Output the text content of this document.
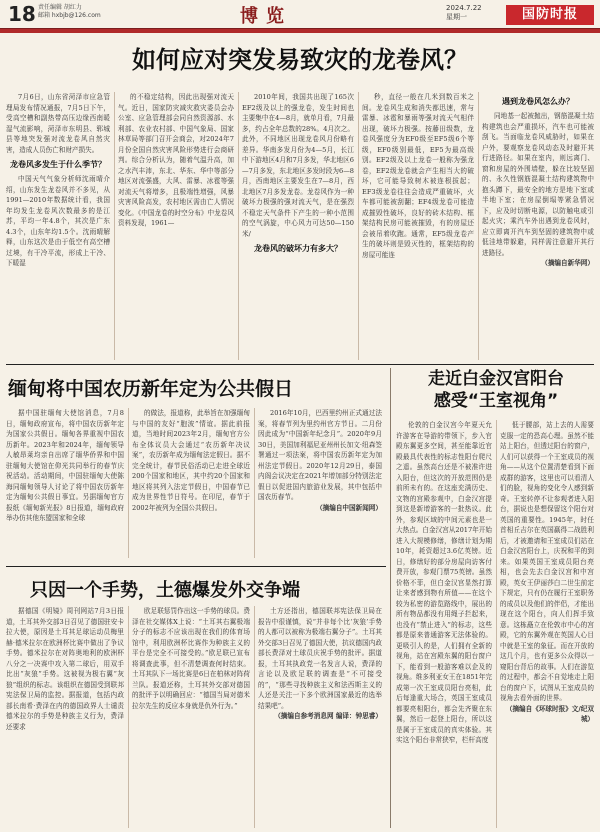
18 责任编辑 胡红力
邮箱 hxbjb@126.com	博览	2024.7.22
星期一	国防时报
如何应对突发易致灾的龙卷风？

7月6日，山东省菏泽市应急管理局发布情况通报，7月5日下午，受高空槽和副热带高压边缘西南暖湿气流影响，菏泽市东明县、郓城县等地突发强对流龙卷风自然灾害，造成人员伤亡和财产损失。

龙卷风多发生于什么季节？

中国天气气象分析师沈雨晴介绍，山东发生龙卷风并不多见，从1991—2010年数据统计看，我国年均发生龙卷风次数最多的是江苏，平均一年4.8个，其次是广东4.3个，山东年均1.5个。沈雨晴解释，山东这次是由于低空有高空槽过境，有干冷平流，形成上干冷、下暖湿

的不稳定结构，因此出现强对流天气。近日，国家防灾减灾救灾委员会办公室、应急管理部会同自然资源部、水利部、农业农村部、中国气象局、国家林草局等部门召开会商会，对2024年7月份全国自然灾害风险形势进行会商研判。综合分析认为，随着气温升高，加之水汽丰沛，东北、华东、华中等部分地区对流强盛，大风、雷暴、冰雹等强对流天气将增多，且极端性增强，风暴灾害风险高发，农村地区需由亡人情况变化。《中国龙卷的时空分布》中龙卷风资料发现，1961—

2010年间，我国共出现了165次EF2级及以上的强龙卷，发生时间也主要集中在4—8月，就单月看，7月最多，约占全年总数的28%。4月次之。此外，不同地区出现龙卷风月份略有差异。华南多发月份为4—5月，长江中下游地区4月和7月多发，华北地区6—7月多发，东北地区多发时段为6—8月，西南地区主要发生在7—8月，西北地区7月多发龙卷。龙卷风作为一种破坏力极强的强对流天气，是在强烈不稳定天气条件下产生的一种小范围的空气涡旋，中心风力可达50—150米/

龙卷风的破坏力有多大？

秒，直径一般在几米到数百米之间。龙卷风生成和消失都迅速，常与雷暴、冰雹和暴雨等强对流天气相伴出现，破坏力极强。按藤田级数，龙卷风强度分为EF0级至EF5级6个等级，EF0级别最低，EF5为最高级别。EF2级及以上龙卷一般称为强龙卷，EF2级龙卷就会产生相当大的破坏，它可能导致树木被连根拔起；EF3级龙卷往往会造成严重破坏，火车都可能被刮翻；EF4级龙卷可能造成摧毁性破坏，良好的砖木结构、框架结构民房可能被摧毁，有的房屋还会被吊着吹跑。通常，EF5级龙卷产生的破坏则是毁灭性的，框架结构的房屋可能连

遇到龙卷风怎么办？

同地基一起被抛出，钢筋混凝土结构建筑也会严重损坏，汽车也可能被刮飞。当面临龙卷风威胁时，如果在户外，要观察龙卷风动态及时避开其行进路径。如果在室内，则远离门、窗和房屋的外围墙壁，躲在比较坚固的、永久性钢筋混凝土结构建筑物中抱头蹲下，最安全的地方是地下室或半地下室；在房屋倒塌等紧急情况下，应及时切断电源，以防触电或引起火灾；乘汽车外出遇到龙卷风时，应立即离开汽车到坚固的建筑物中或低洼地带躲避，同样需注意避开其行进路径。

（摘编自新华网）
缅甸将中国农历新年定为公共假日

据中国驻缅甸大使馆消息，7月8日，缅甸政府宣布，将中国农历新年定为国家公共假日。缅甸各界重视中国农历新年。2023年和2024年，缅甸领导人敏昂莱均亲自出席了缅华侨界和中国驻缅甸大使馆在仰光共同举行的春节庆祝活动。活动期间，中国驻缅甸大使陈海同缅甸领导人讨论了将中国农历新年定为缅甸公共假日事宜。另据缅甸官方报纸《缅甸新光报》8日报道，缅甸政府举办仿其他东盟国家和全球

的做法，报道称，此举旨在加强缅甸与中国的友好“胞波”情谊。据此前报道，当地时间2023年2月，缅甸官方公布全体议员大会通过“农历新年决议案”，农历新年成为缅甸法定假日。据不完全统计，春节民俗活动已走进全球近200个国家和地区，其中约20个国家和地区将其列入法定节假日，中国春节已成为世界性节日符号。在印尼，春节于2002年被列为全国公共假日。

2016年10月，巴西里约州正式通过法案，将春节列为里约州官方节日。二月份因此成为“中国新年纪念月”。2020年9月30日，美国加利福尼亚州州长加文·纽森签署通过一项法案，将中国农历新年定为加州法定节假日。2020年12月29日，泰国内阁会议决定在2021年增加部分特别法定假日以促进国内旅游业发展，其中包括中国农历春节。

（摘编自中国新闻网）
只因一个手势，土德爆发外交争端

据德国《明镜》周刊网站7月3日报道，土耳其外交部3日召见了德国驻安卡拉大使，原因是土耳其足球运动员梅里赫·德米拉尔在欧洲杯比赛中做出了争议手势。德米拉尔在对阵奥地利的欧洲杯八分之一决赛中攻入第二球后，用双手比出“灰狼”手势。这被视为极右翼“灰狼”组织的标志。该组织在德国受到联邦宪法保卫局的监控。据报道，包括内政部长南希·费泽在内的德国政界人士谴责德米拉尔的手势是种族主义行为，费泽还要求

欧足联惩罚作出这一手势的球员。费泽在社交媒体X上说：“土耳其右翼极端分子的标志不应该出现在我们的体育场馆中，利用欧洲杯比赛作为种族主义的平台是完全不可接受的。”欧足联已宣布将调查此事，但不清楚调查何时结束。土耳其队下一场比赛是6日在柏林对阵荷兰队。报道还称，土耳其外交部对德国的批评予以明确回应：“德国当局对德米拉尔先生的反应本身就是仇外行为。”

土方还指出，德国联邦宪法保卫局在报告中很谨慎，说“并非每个比‘灰狼’手势的人都可以被称为极端右翼分子”。土耳其外交部3日召见了德国大使，抗议德国内政部长费泽对土球员庆祝手势的批评。据道报，土耳其执政党一名发言人说，费泽的言论以及欧足联的调查是“不可接受的”，“那些寻找种族主义和法西斯主义的人还是关注一下多个欧洲国家最近的选举结果吧”。

（摘编自参考消息网 编译：钟思睿）
走近白金汉宫阳台
感受“王室视角”

伦敦的白金汉宫今年夏天允许游客在导游的带领下，步入官殿东翼更多空间，甚至能靠近官殿最具代表性的标志性阳台爬尺之遥。虽然高台还是不被准许进入阳台，但这次的开放范围仍是前所未有的。在这座充满历史、文物的宫殿参观中，白金汉宫提到这是新增游客的一批热议。此外，参观区域的中间元素也是一大热点。白金汉宫从2017年开始进入大规模修缮，修缮计划为期10年，耗资超过3.6亿英镑。近日，修缮好的部分房屋向访客付费开放，参观门票75英镑。虽然价格不菲，但白金汉宫显然打算让来者感到物有所值——在这个较为私密的游览路线中，展出的所有物品都没有用绳子拦起来，也没有“禁止进入”的标志，这些都是原来普通游客无法体验的。更吸引人的是，人们拥有全新的视角，站在宫殿东翼的阳台窗户下，能看到一般游客难以企及的视角。维多利亚女王在1851年完成第一次王室成员阳台亮相，此后每逢重大场合，英国王室成员都要亮相阳台，都会先齐聚在东翼，然后一起登上阳台，所以这是属于王室成员的真实体验。其实这个阳台非常狭窄，栏杆高度

低于腰部，站上去的人需要克服一定的恐高心理。虽然不能站上阳台，但透过阳台的窗户，人们可以获得一个王室成员的视角——从这个位置清楚看到下面成群的游客，这里也可以看清人们的脸，视角的变化令人感到新奇。王室转停不让参观者进入阳台，据说也是想保留这个阳台对英国的重要性。1945年，时任首相丘吉尔在英国赢得二战胜利后，才被邀请和王室成员们站在白金汉宫阳台上，庆祝和平的到来。如果英国王室成员阳台亮相，也会先去白金汉宫和中宫殿，英女王伊丽莎白二世生前定下规定，只有仍在履行王室职务的成员以及他们的伴侣，才能出现在这个阳台，向人们挥手致意。这栋矗立在伦敦市中心的宫殿，它的东翼外观在英国人心目中就是王室的象征。而在开放的这几个月，也有更多公众得以一窥阳台背后的故事。人们在游览的过程中，都会不自觉地走上阳台的窗户下，试图从王室成员的视角去看外面的世界。

（摘编自《环球时报》文/纪双城）
